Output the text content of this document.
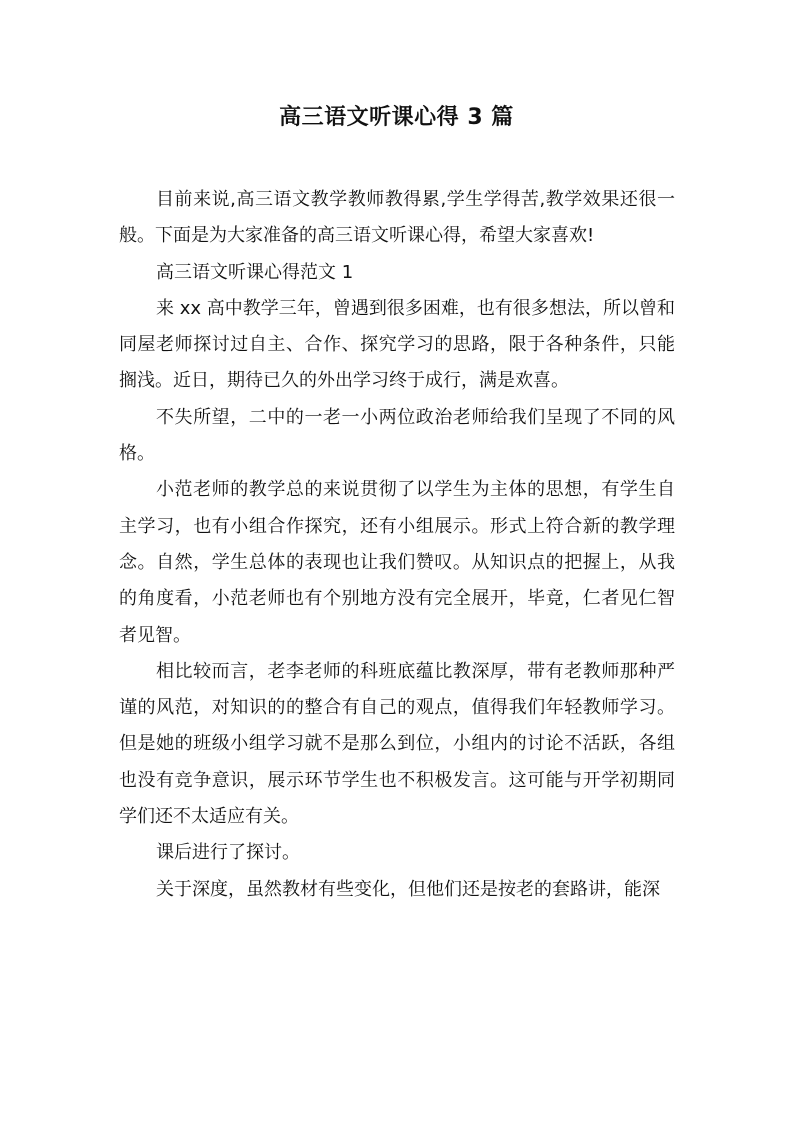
高三语文听课心得 3 篇

目前来说,高三语文教学教师教得累,学生学得苦,教学效果还很一般。下面是为大家准备的高三语文听课心得，希望大家喜欢!

高三语文听课心得范文 1

来 xx 高中教学三年，曾遇到很多困难，也有很多想法，所以曾和同屋老师探讨过自主、合作、探究学习的思路，限于各种条件，只能搁浅。近日，期待已久的外出学习终于成行，满是欢喜。

不失所望，二中的一老一小两位政治老师给我们呈现了不同的风格。

小范老师的教学总的来说贯彻了以学生为主体的思想，有学生自主学习，也有小组合作探究，还有小组展示。形式上符合新的教学理念。自然，学生总体的表现也让我们赞叹。从知识点的把握上，从我的角度看，小范老师也有个别地方没有完全展开，毕竟，仁者见仁智者见智。

相比较而言，老李老师的科班底蕴比教深厚，带有老教师那种严谨的风范，对知识的的整合有自己的观点，值得我们年轻教师学习。但是她的班级小组学习就不是那么到位，小组内的讨论不活跃，各组也没有竞争意识，展示环节学生也不积极发言。这可能与开学初期同学们还不太适应有关。

课后进行了探讨。

关于深度，虽然教材有些变化，但他们还是按老的套路讲，能深
